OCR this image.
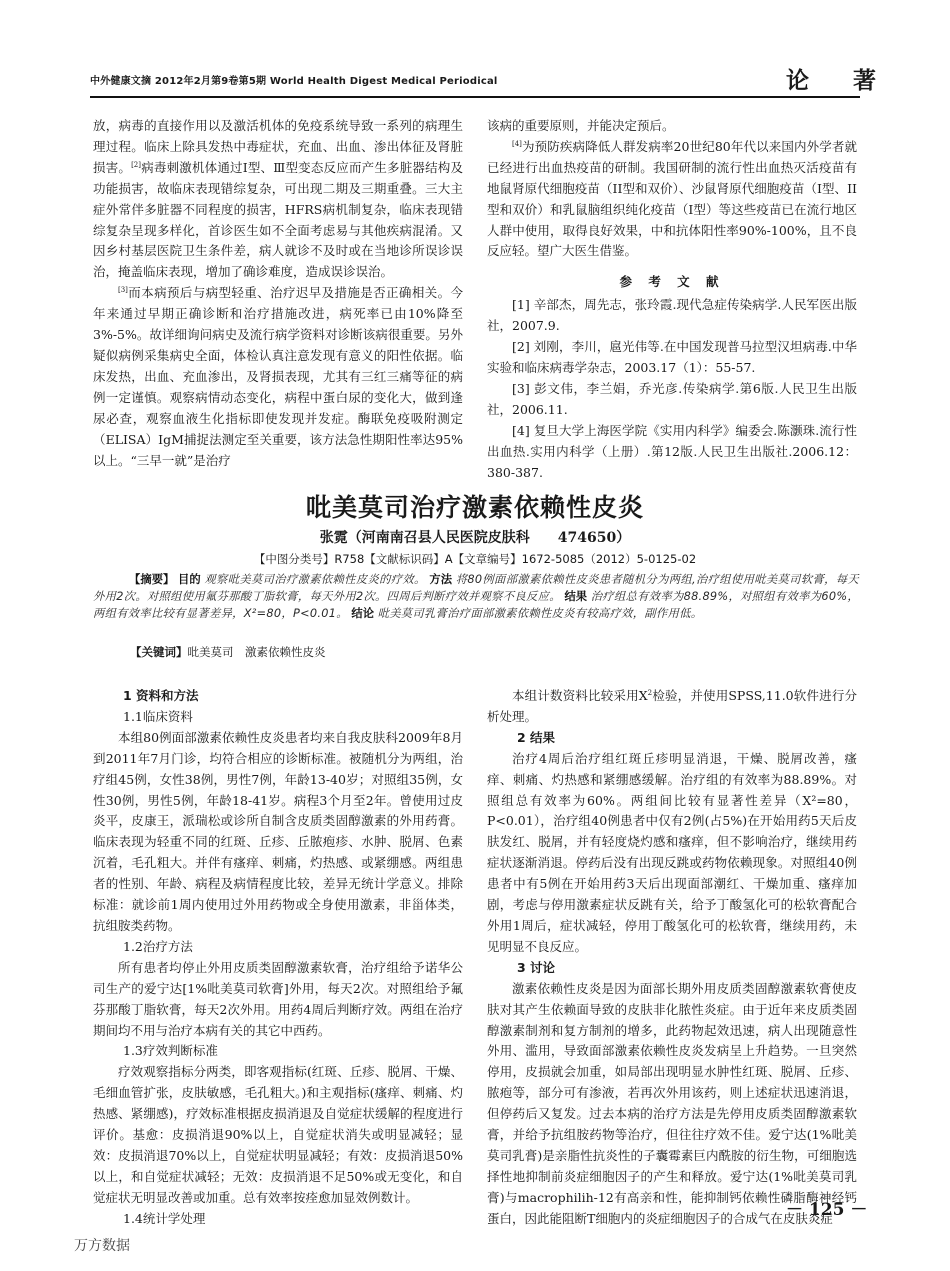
中外健康文摘 2012年2月第9卷第5期 World Health Digest Medical Periodical	论 著

放，病毒的直接作用以及激活机体的免疫系统导致一系列的病理生理过程。临床上除具发热中毒症状，充血、出血、渗出体征及肾脏损害。[2]病毒刺激机体通过Ⅰ型、Ⅲ型变态反应而产生多脏器结构及功能损害，故临床表现错综复杂，可出现二期及三期重叠。三大主症外常伴多脏器不同程度的损害，HFRS病机制复杂，临床表现错综复杂呈现多样化，首诊医生如不全面考虑易与其他疾病混淆。又因乡村基层医院卫生条件差，病人就诊不及时或在当地诊所误诊误治，掩盖临床表现，增加了确诊难度，造成误诊误治。

[3]而本病预后与病型轻重、治疗迟早及措施是否正确相关。今年来通过早期正确诊断和治疗措施改进，病死率已由10%降至3%-5%。故详细询问病史及流行病学资料对诊断该病很重要。另外疑似病例采集病史全面，体检认真注意发现有意义的阳性依据。临床发热，出血、充血渗出，及肾损表现，尤其有三红三痛等征的病例一定谨慎。观察病情动态变化，病程中蛋白尿的变化大，做到逢尿必查，观察血液生化指标即使发现并发症。酶联免疫吸附测定（ELISA）IgM捕捉法测定至关重要，该方法急性期阳性率达95%以上。“三早一就”是治疗

该病的重要原则，并能决定预后。

[4]为预防疾病降低人群发病率20世纪80年代以来国内外学者就已经进行出血热疫苗的研制。我国研制的流行性出血热灭活疫苗有地鼠肾原代细胞疫苗（II型和双价）、沙鼠肾原代细胞疫苗（I型、II型和双价）和乳鼠脑组织纯化疫苗（I型）等这些疫苗已在流行地区人群中使用，取得良好效果，中和抗体阳性率90%-100%，且不良反应轻。望广大医生借鉴。

参 考 文 献

[1] 辛部杰，周先志，张玲霞.现代急症传染病学.人民军医出版社，2007.9.

[2] 刘刚，李川，扈光伟等.在中国发现普马拉型汉坦病毒.中华实验和临床病毒学杂志，2003.17（1）：55-57.

[3] 彭文伟，李兰娟，乔光彦.传染病学.第6版.人民卫生出版社，2006.11.

[4] 复旦大学上海医学院《实用内科学》编委会.陈灏珠.流行性出血热.实用内科学（上册）.第12版.人民卫生出版社.2006.12：380-387.

吡美莫司治疗激素依赖性皮炎
张霓（河南南召县人民医院皮肤科　　474650）
【中图分类号】R758【文献标识码】A【文章编号】1672-5085（2012）5-0125-02

【摘要】 目的 观察吡美莫司治疗激素依赖性皮炎的疗效。 方法 将80例面部激素依赖性皮炎患者随机分为两组,治疗组使用吡美莫司软膏，每天外用2次。对照组使用氟芬那酸丁脂软膏，每天外用2次。四周后判断疗效并观察不良反应。 结果 治疗组总有效率为88.89%，对照组有效率为60%，两组有效率比较有显著差异，X²=80，P<0.01。 结论 吡美莫司乳膏治疗面部激素依赖性皮炎有较高疗效，副作用低。

【关键词】吡美莫司　激素依赖性皮炎

1 资料和方法

1.1临床资料

本组80例面部激素依赖性皮炎患者均来自我皮肤科2009年8月到2011年7月门诊，均符合相应的诊断标准。被随机分为两组，治疗组45例，女性38例，男性7例，年龄13-40岁；对照组35例，女性30例，男性5例，年龄18-41岁。病程3个月至2年。曾使用过皮炎平，皮康王，派瑞松或诊所自制含皮质类固醇激素的外用药膏。临床表现为轻重不同的红斑、丘疹、丘脓疱疹、水肿、脱屑、色素沉着，毛孔粗大。并伴有瘙痒、刺痛，灼热感、或紧绷感。两组患者的性别、年龄、病程及病情程度比较，差异无统计学意义。排除标准：就诊前1周内使用过外用药物或全身使用激素，非甾体类，抗组胺类药物。

1.2治疗方法

所有患者均停止外用皮质类固醇激素软膏，治疗组给予诺华公司生产的爱宁达[1%吡美莫司软膏]外用，每天2次。对照组给予氟芬那酸丁脂软膏，每天2次外用。用药4周后判断疗效。两组在治疗期间均不用与治疗本病有关的其它中西药。

1.3疗效判断标准

疗效观察指标分两类，即客观指标(红斑、丘疹、脱屑、干燥、毛细血管扩张，皮肤敏感，毛孔粗大。)和主观指标(瘙痒、刺痛、灼热感、紧绷感)，疗效标准根据皮损消退及自觉症状缓解的程度进行评价。基愈：皮损消退90%以上，自觉症状消失或明显减轻；显效：皮损消退70%以上，自觉症状明显减轻；有效：皮损消退50%以上，和自觉症状减轻；无效：皮损消退不足50%或无变化，和自觉症状无明显改善或加重。总有效率按痊愈加显效例数计。

1.4统计学处理

本组计数资料比较采用$X^2$检验，并使用SPSS,11.0软件进行分析处理。

2 结果

治疗4周后治疗组红斑丘疹明显消退，干燥、脱屑改善，瘙痒、刺痛、灼热感和紧绷感缓解。治疗组的有效率为88.89%。对照组总有效率为60%。两组间比较有显著性差异（X²=80，P<0.01），治疗组40例患者中仅有2例(占5%)在开始用药5天后皮肤发红、脱屑，并有轻度烧灼感和瘙痒，但不影响治疗，继续用药症状逐渐消退。停药后没有出现反跳或药物依赖现象。对照组40例患者中有5例在开始用药3天后出现面部潮红、干燥加重、瘙痒加剧，考虑与停用激素症状反跳有关，给予丁酸氢化可的松软膏配合外用1周后，症状减轻，停用丁酸氢化可的松软膏，继续用药，未见明显不良反应。

3 讨论

激素依赖性皮炎是因为面部长期外用皮质类固醇激素软膏使皮肤对其产生依赖面导致的皮肤非化脓性炎症。由于近年来皮质类固醇激素制剂和复方制剂的增多，此药物起效迅速，病人出现随意性外用、滥用，导致面部激素依赖性皮炎发病呈上升趋势。一旦突然停用，皮损就会加重，如局部出现明显水肿性红斑、脱屑、丘疹、脓疱等，部分可有渗液，若再次外用该药，则上述症状迅速消退，但停药后又复发。过去本病的治疗方法是先停用皮质类固醇激素软膏，并给予抗组胺药物等治疗，但往往疗效不佳。爱宁达(1%吡美莫司乳膏)是亲脂性抗炎性的子囊霉素巨内酰胺的衍生物，可细胞选择性地抑制前炎症细胞因子的产生和释放。爱宁达(1%吡美莫司乳膏)与macrophilih-12有高亲和性，能抑制钙依赖性磷脂酶神经钙蛋白，因此能阻断T细胞内的炎症细胞因子的合成气在皮肤炎症

－ 125 －
万方数据
